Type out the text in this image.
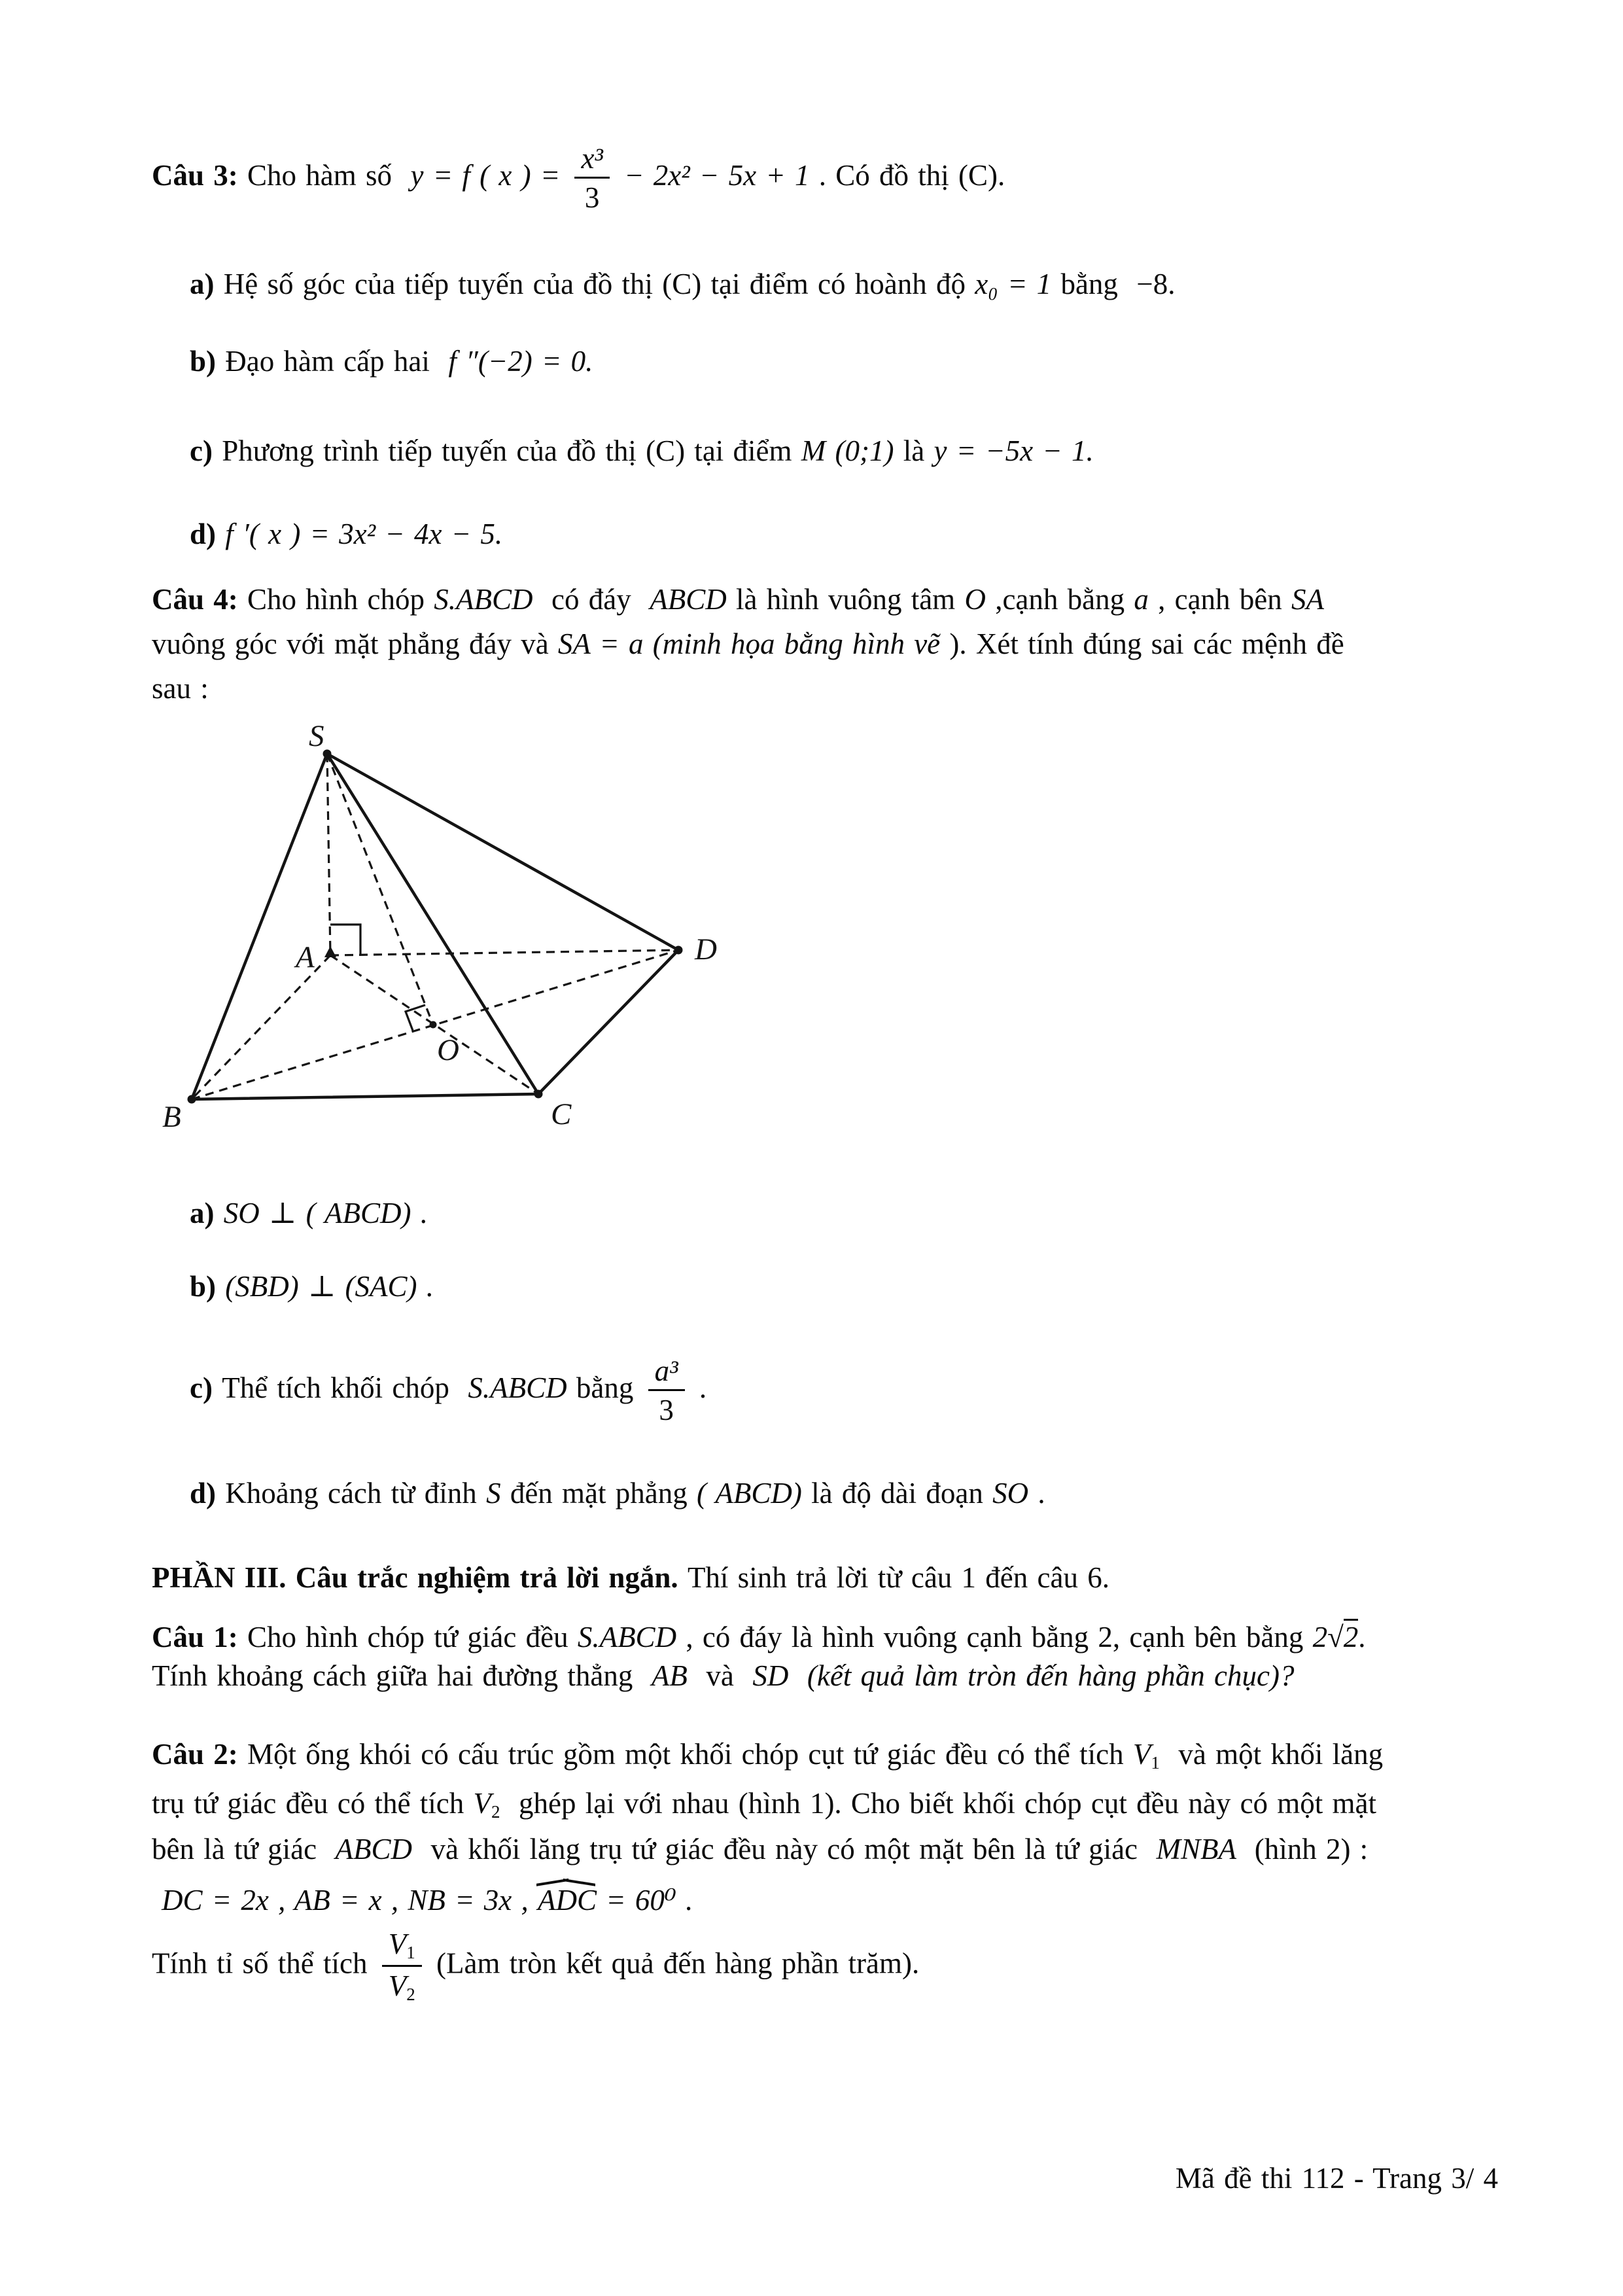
Câu 3: Cho hàm số  y = f ( x ) = $\frac{\text{x³}}{3} - 2x^2 - 5x + 1$ . Có đồ thị (C).
a) Hệ số góc của tiếp tuyến của đồ thị (C) tại điểm có hoành độ x₀ = 1 bằng  −8.
b) Đạo hàm cấp hai  f ″(−2) = 0.
c) Phương trình tiếp tuyến của đồ thị (C) tại điểm M (0;1) là y = −5x − 1.
d) f ′( x ) = 3x² − 4x − 5.
Câu 4: Cho hình chóp S.ABCD  có đáy  ABCD là hình vuông tâm O ,cạnh bằng a , cạnh bên SA
vuông góc với mặt phẳng đáy và SA = a (minh họa bằng hình vẽ ). Xét tính đúng sai các mệnh đề
sau :
a) SO ⊥ ( ABCD) .
b) (SBD) ⊥ (SAC) .
c) Thể tích khối chóp  S.ABCD bằng $\frac{\text{a³}}{3}$ .
d) Khoảng cách từ đỉnh S đến mặt phẳng ( ABCD) là độ dài đoạn SO .
PHẦN III. Câu trắc nghiệm trả lời ngắn. Thí sinh trả lời từ câu 1 đến câu 6.
Câu 1: Cho hình chóp tứ giác đều S.ABCD , có đáy là hình vuông cạnh bằng 2, cạnh bên bằng 2√2.
Tính khoảng cách giữa hai đường thẳng  AB  và  SD  (kết quả làm tròn đến hàng phần chục)?
Câu 2: Một ống khói có cấu trúc gồm một khối chóp cụt tứ giác đều có thể tích V1  và một khối lăng
trụ tứ giác đều có thể tích V2  ghép lại với nhau (hình 1). Cho biết khối chóp cụt đều này có một mặt
bên là tứ giác  ABCD  và khối lăng trụ tứ giác đều này có một mặt bên là tứ giác  MNBA  (hình 2) :
DC = 2x , AB = x , NB = 3x , ADC = 60⁰ .
Tính tỉ số thể tích $\frac{V1}{V2}$ (Làm tròn kết quả đến hàng phần trăm).
Mã đề thi 112 - Trang 3/ 4
S
A
B	C
D
O
